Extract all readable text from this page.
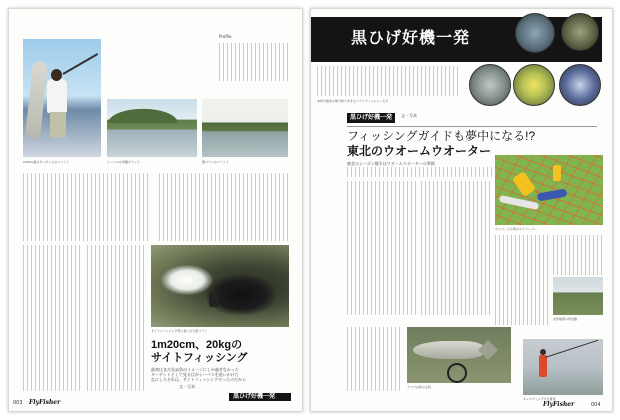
120cm超のターポンとのファイト	シーバスの実績ポイント	朝マヅメのフラット
Profile
サイトフィッシング用に巻いた大型フライ
1m20cm、20kgの
サイトフィッシング
最初はまだ見ぬ魚のイメージにしか過ぎなかった
ターゲットとして見る目がシーバスを追いかけた
なにしろそれは、サイトフィッシングだったのだから
文・写真
黒ひげ好機一発
003 FlyFisher
黒ひげ好機一発
本州で最北の地で釣りをするフライフィッシャーたち
黒ひげ好機一発 文・写真
フィッシングガイドも夢中になる!?
東北のウオームウオーター
東北のシーズン後半はウオームウオーターの季節
ボッパーと小型のストリーマー
水田地帯の用水路
ナマズは夜の主役
キャスティングする著者
FlyFisher	004
